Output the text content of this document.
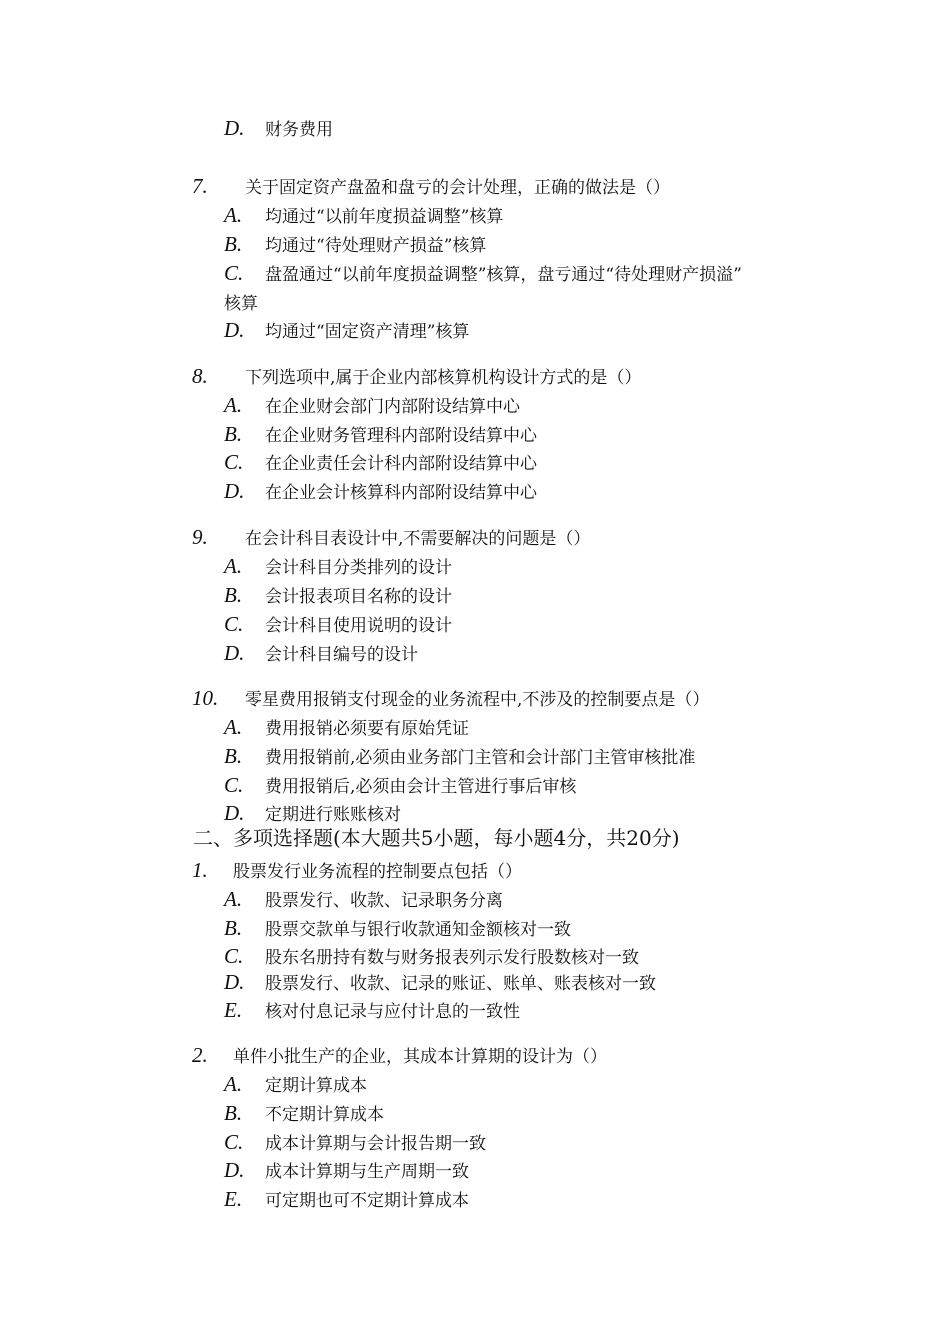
D. 财务费用
7. 关于固定资产盘盈和盘亏的会计处理，正确的做法是（）
A. 均通过“以前年度损益调整”核算
B. 均通过“待处理财产损益”核算
C. 盘盈通过“以前年度损益调整”核算，盘亏通过“待处理财产损溢”
核算
D. 均通过“固定资产清理”核算
8. 下列选项中,属于企业内部核算机构设计方式的是（）
A. 在企业财会部门内部附设结算中心
B. 在企业财务管理科内部附设结算中心
C. 在企业责任会计科内部附设结算中心
D. 在企业会计核算科内部附设结算中心
9. 在会计科目表设计中,不需要解决的问题是（）
A. 会计科目分类排列的设计
B. 会计报表项目名称的设计
C. 会计科目使用说明的设计
D. 会计科目编号的设计
10. 零星费用报销支付现金的业务流程中,不涉及的控制要点是（）
A. 费用报销必须要有原始凭证
B. 费用报销前,必须由业务部门主管和会计部门主管审核批准
C. 费用报销后,必须由会计主管进行事后审核
D. 定期进行账账核对
二、多项选择题(本大题共5小题，每小题4分，共20分)
1. 股票发行业务流程的控制要点包括（）
A. 股票发行、收款、记录职务分离
B. 股票交款单与银行收款通知金额核对一致
C. 股东名册持有数与财务报表列示发行股数核对一致
D. 股票发行、收款、记录的账证、账单、账表核对一致
E. 核对付息记录与应付计息的一致性
2. 单件小批生产的企业，其成本计算期的设计为（）
A. 定期计算成本
B. 不定期计算成本
C. 成本计算期与会计报告期一致
D. 成本计算期与生产周期一致
E. 可定期也可不定期计算成本
